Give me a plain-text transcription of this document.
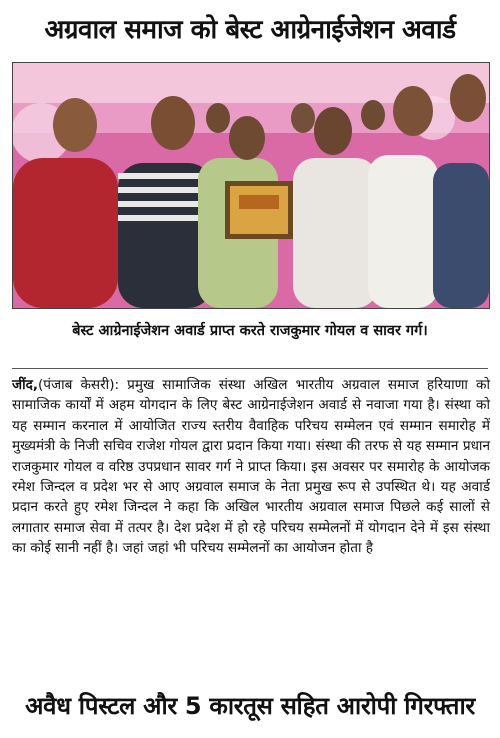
अग्रवाल समाज को बेस्ट आग्रेनाईजेशन अवार्ड
बेस्ट आग्रेनाईजेशन अवार्ड प्राप्त करते राजकुमार गोयल व सावर गर्ग।
जींद,(पंजाब केसरी): प्रमुख सामाजिक संस्था अखिल भारतीय अग्रवाल समाज हरियाणा को सामाजिक कार्यों में अहम योगदान के लिए बेस्ट आग्रेनाईजेशन अवार्ड से नवाजा गया है। संस्था को यह सम्मान करनाल में आयोजित राज्य स्तरीय वैवाहिक परिचय सम्मेलन एवं सम्मान समारोह में मुख्यमंत्री के निजी सचिव राजेश गोयल द्वारा प्रदान किया गया। संस्था की तरफ से यह सम्मान प्रधान राजकुमार गोयल व वरिष्ठ उपप्रधान सावर गर्ग ने प्राप्त किया। इस अवसर पर समारोह के आयोजक रमेश जिन्दल व प्रदेश भर से आए अग्रवाल समाज के नेता प्रमुख रूप से उपस्थित थे। यह अवार्ड प्रदान करते हुए रमेश जिन्दल ने कहा कि अखिल भारतीय अग्रवाल समाज पिछले कई सालों से लगातार समाज सेवा में तत्पर है। देश प्रदेश में हो रहे परिचय सम्मेलनों में योगदान देने में इस संस्था का कोई सानी नहीं है। जहां जहां भी परिचय सम्मेलनों का आयोजन होता है
अवैध पिस्टल और 5 कारतूस सहित आरोपी गिरफ्तार
